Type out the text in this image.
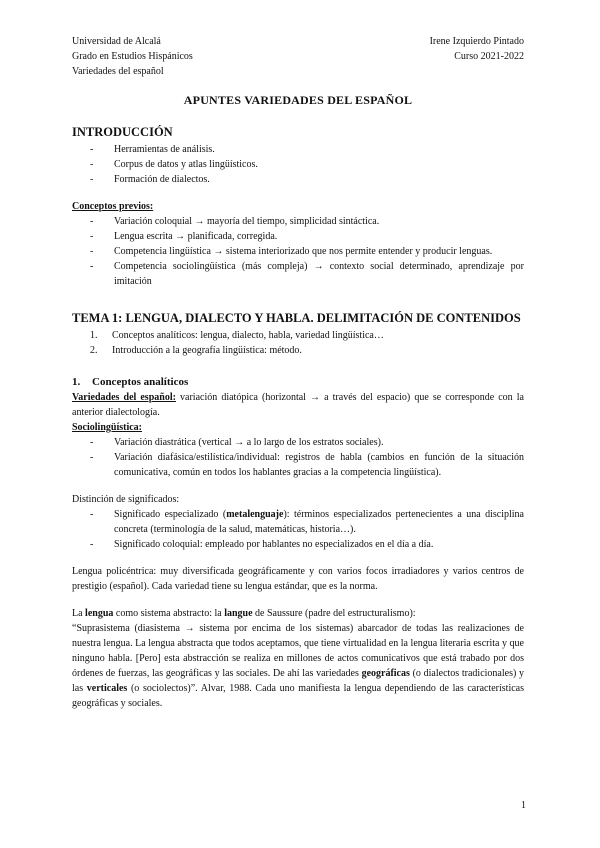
Universidad de Alcalá
Grado en Estudios Hispánicos
Variedades del español
Irene Izquierdo Pintado
Curso 2021-2022
APUNTES VARIEDADES DEL ESPAÑOL
INTRODUCCIÓN
-	Herramientas de análisis.
-	Corpus de datos y atlas lingüísticos.
-	Formación de dialectos.
Conceptos previos:
-	Variación coloquial → mayoría del tiempo, simplicidad sintáctica.
-	Lengua escrita → planificada, corregida.
-	Competencia lingüística → sistema interiorizado que nos permite entender y producir lenguas.
-	Competencia sociolingüística (más compleja) → contexto social determinado, aprendizaje por imitación
TEMA 1: LENGUA, DIALECTO Y HABLA. DELIMITACIÓN DE CONTENIDOS
1.	Conceptos analíticos: lengua, dialecto, habla, variedad lingüística…
2.	Introducción a la geografía lingüística: método.
1.	Conceptos analíticos
Variedades del español: variación diatópica (horizontal → a través del espacio) que se corresponde con la anterior dialectología.
Sociolingüística:
-	Variación diastrática (vertical → a lo largo de los estratos sociales).
-	Variación diafásica/estilística/individual: registros de habla (cambios en función de la situación comunicativa, común en todos los hablantes gracias a la competencia lingüística).
Distinción de significados:
-	Significado especializado (metalenguaje): términos especializados pertenecientes a una disciplina concreta (terminología de la salud, matemáticas, historia…).
-	Significado coloquial: empleado por hablantes no especializados en el día a día.
Lengua policéntrica: muy diversificada geográficamente y con varios focos irradiadores y varios centros de prestigio (español). Cada variedad tiene su lengua estándar, que es la norma.
La lengua como sistema abstracto: la langue de Saussure (padre del estructuralismo):
“Suprasistema (diasistema → sistema por encima de los sistemas) abarcador de todas las realizaciones de nuestra lengua. La lengua abstracta que todos aceptamos, que tiene virtualidad en la lengua literaria escrita y que ninguno habla. [Pero] esta abstracción se realiza en millones de actos comunicativos que está trabado por dos órdenes de fuerzas, las geográficas y las sociales. De ahí las variedades geográficas (o dialectos tradicionales) y las verticales (o sociolectos)”. Alvar, 1988. Cada uno manifiesta la lengua dependiendo de las características geográficas y sociales.
1
